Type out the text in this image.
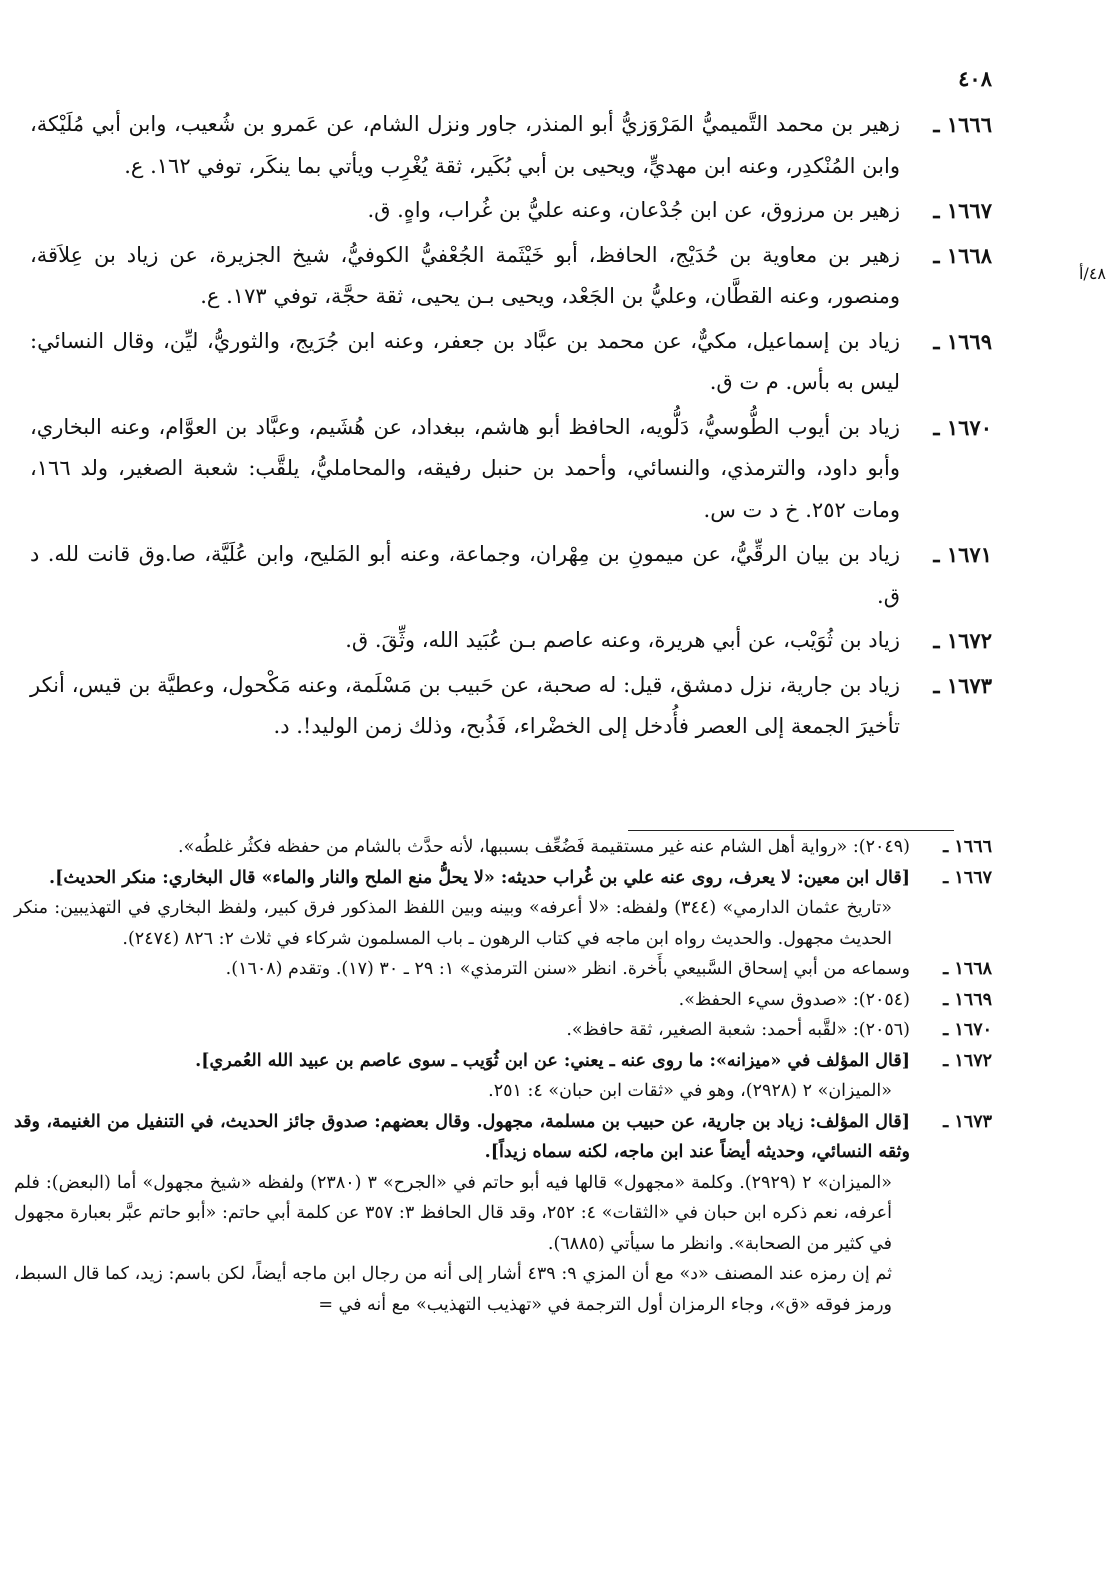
٤٠٨
٤٨/أ
١٦٦٦ ـ
زهير بن محمد التَّميميُّ المَرْوَزيُّ أبو المنذر، جاور ونزل الشام، عن عَمرو بن شُعيب، وابن أبي مُلَيْكة، وابن المُنْكدِر، وعنه ابن مهديٍّ، ويحيى بن أبي بُكَير، ثقة يُغْرِب ويأتي بما ينكَر، توفي ١٦٢. ع.
١٦٦٧ ـ
زهير بن مرزوق، عن ابن جُدْعان، وعنه عليُّ بن غُراب، واهٍ. ق.
١٦٦٨ ـ
زهير بن معاوية بن حُدَيْج، الحافظ، أبو خَيْثَمة الجُعْفيُّ الكوفيُّ، شيخ الجزيرة، عن زياد بن عِلاَقة، ومنصور، وعنه القطَّان، وعليُّ بن الجَعْد، ويحيى بـن يحيى، ثقة حجَّة، توفي ١٧٣. ع.
١٦٦٩ ـ
زياد بن إسماعيل، مكيٌّ، عن محمد بن عبَّاد بن جعفر، وعنه ابن جُرَيج، والثوريُّ، ليِّن، وقال النسائي: ليس به بأس. م ت ق.
١٦٧٠ ـ
زياد بن أيوب الطُّوسيُّ، دَلُّويه، الحافظ أبو هاشم، ببغداد، عن هُشَيم، وعبَّاد بن العوَّام، وعنه البخاري، وأبو داود، والترمذي، والنسائي، وأحمد بن حنبل رفيقه، والمحامليُّ، يلقَّب: شعبة الصغير، ولد ١٦٦، ومات ٢٥٢. خ د ت س.
١٦٧١ ـ
زياد بن بيان الرقِّيُّ، عن ميمونِ بن مِهْران، وجماعة، وعنه أبو المَليح، وابن عُلَيَّة، صا.وق قانت لله. د ق.
١٦٧٢ ـ
زياد بن ثُوَيْب، عن أبي هريرة، وعنه عاصم بـن عُبَيد الله، وثِّقَ. ق.
١٦٧٣ ـ
زياد بن جارية، نزل دمشق، قيل: له صحبة، عن حَبيب بن مَسْلَمة، وعنه مَكْحول، وعطيَّة بن قيس، أنكر تأخيرَ الجمعة إلى العصر فأُدخل إلى الخضْراء، فَذُبح، وذلك زمن الوليد!. د.
١٦٦٦ ـ
(٢٠٤٩): «رواية أهل الشام عنه غير مستقيمة فَضُعِّف بسببها، لأنه حدَّث بالشام من حفظه فكثُر غلطُه».
١٦٦٧ ـ
[قال ابن معين: لا يعرف، روى عنه علي بن غُراب حديثه: «لا يحلُّ منع الملح والنار والماء» قال البخاري: منكر الحديث].
«تاريخ عثمان الدارمي» (٣٤٤) ولفظه: «لا أعرفه» وبينه وبين اللفظ المذكور فرق كبير، ولفظ البخاري في التهذيبين: منكر الحديث مجهول. والحديث رواه ابن ماجه في كتاب الرهون ـ باب المسلمون شركاء في ثلاث ٢: ٨٢٦ (٢٤٧٤).
١٦٦٨ ـ
وسماعه من أبي إسحاق السَّبيعي بأَخرة. انظر «سنن الترمذي» ١: ٢٩ ـ ٣٠ (١٧). وتقدم (١٦٠٨).
١٦٦٩ ـ
(٢٠٥٤): «صدوق سيء الحفظ».
١٦٧٠ ـ
(٢٠٥٦): «لقَّبه أحمد: شعبة الصغير، ثقة حافظ».
١٦٧٢ ـ
[قال المؤلف في «ميزانه»: ما روى عنه ـ يعني: عن ابن ثُوَيب ـ سوى عاصم بن عبيد الله العُمري].
«الميزان» ٢ (٢٩٢٨)، وهو في «ثقات ابن حبان» ٤: ٢٥١.
١٦٧٣ ـ
[قال المؤلف: زياد بن جارية، عن حبيب بن مسلمة، مجهول. وقال بعضهم: صدوق جائز الحديث، في التنفيل من الغنيمة، وقد وثقه النسائي، وحديثه أيضاً عند ابن ماجه، لكنه سماه زيداً].
«الميزان» ٢ (٢٩٢٩). وكلمة «مجهول» قالها فيه أبو حاتم في «الجرح» ٣ (٢٣٨٠) ولفظه «شيخ مجهول» أما (البعض): فلم أعرفه، نعم ذكره ابن حبان في «الثقات» ٤: ٢٥٢، وقد قال الحافظ ٣: ٣٥٧ عن كلمة أبي حاتم: «أبو حاتم عبَّر بعبارة مجهول في كثير من الصحابة». وانظر ما سيأتي (٦٨٨٥).
ثم إن رمزه عند المصنف «د» مع أن المزي ٩: ٤٣٩ أشار إلى أنه من رجال ابن ماجه أيضاً، لكن باسم: زيد، كما قال السبط، ورمز فوقه «ق»، وجاء الرمزان أول الترجمة في «تهذيب التهذيب» مع أنه في =
